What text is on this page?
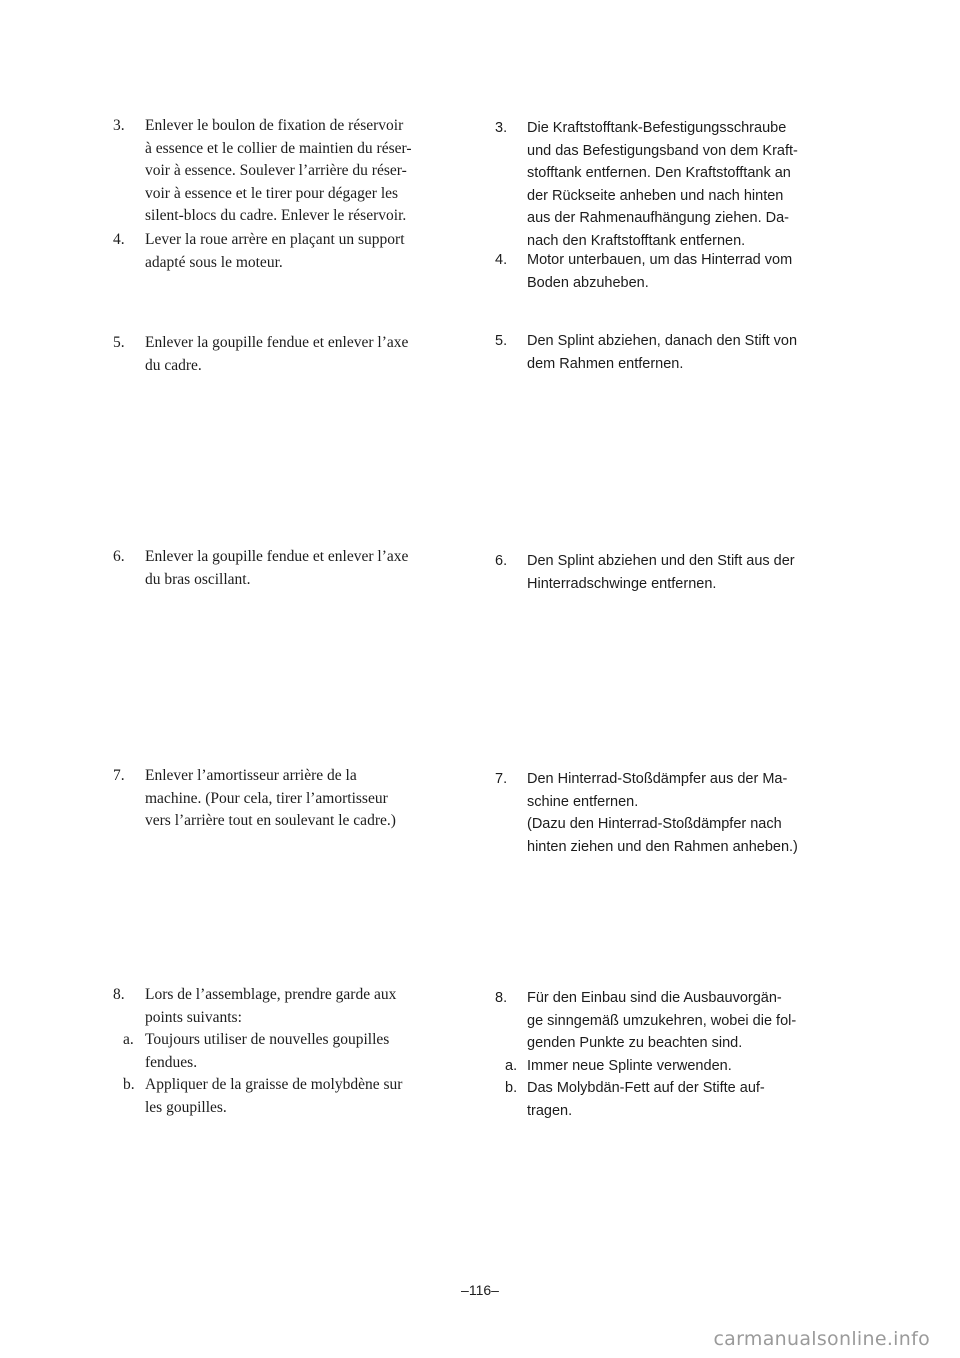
3.	Enlever le boulon de fixation de réservoir
à essence et le collier de maintien du réser-
voir à essence. Soulever l’arrière du réser-
voir à essence et le tirer pour dégager les
silent-blocs du cadre. Enlever le réservoir.
4.	Lever la roue arrère en plaçant un support
adapté sous le moteur.
5.	Enlever la goupille fendue et enlever l’axe
du cadre.
6.	Enlever la goupille fendue et enlever l’axe
du bras oscillant.
7.	Enlever l’amortisseur arrière de la
machine. (Pour cela, tirer l’amortisseur
vers l’arrière tout en soulevant le cadre.)
8.	Lors de l’assemblage, prendre garde aux
points suivants:
a. Toujours utiliser de nouvelles goupilles
fendues.
b. Appliquer de la graisse de molybdène sur
les goupilles.
3.	Die Kraftstofftank-Befestigungsschraube
und das Befestigungsband von dem Kraft-
stofftank entfernen. Den Kraftstofftank an
der Rückseite anheben und nach hinten
aus der Rahmenaufhängung ziehen. Da-
nach den Kraftstofftank entfernen.
4.	Motor unterbauen, um das Hinterrad vom
Boden abzuheben.
5.	Den Splint abziehen, danach den Stift von
dem Rahmen entfernen.
6.	Den Splint abziehen und den Stift aus der
Hinterradschwinge entfernen.
7.	Den Hinterrad-Stoßdämpfer aus der Ma-
schine entfernen.
(Dazu den Hinterrad-Stoßdämpfer nach
hinten ziehen und den Rahmen anheben.)
8.	Für den Einbau sind die Ausbauvorgän-
ge sinngemäß umzukehren, wobei die fol-
genden Punkte zu beachten sind.
a. Immer neue Splinte verwenden.
b. Das Molybdän-Fett auf der Stifte auf-
tragen.
–116–
carmanualsonline.info
